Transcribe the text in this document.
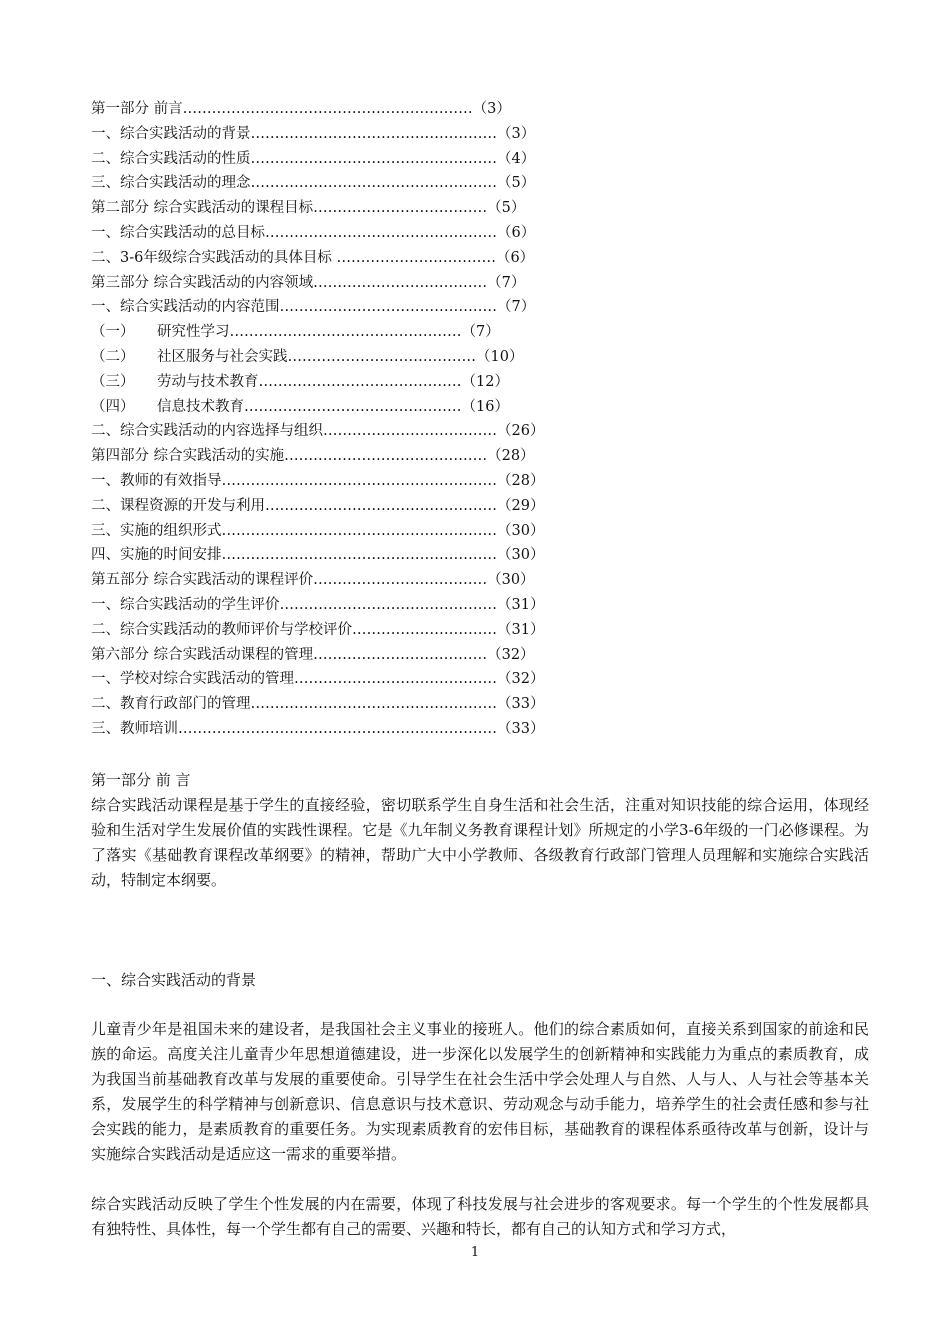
第一部分 前言……………………………………………………（3）
一、综合实践活动的背景……………………………………………（3）
二、综合实践活动的性质……………………………………………（4）
三、综合实践活动的理念……………………………………………（5）
第二部分 综合实践活动的课程目标………………………………（5）
一、综合实践活动的总目标…………………………………………（6）
二、3-6年级综合实践活动的具体目标 ……………………………（6）
第三部分 综合实践活动的内容领域………………………………（7）
一、综合实践活动的内容范围………………………………………（7）
（一） 研究性学习…………………………………………（7）
（二） 社区服务与社会实践…………………………………（10）
（三） 劳动与技术教育……………………………………（12）
（四） 信息技术教育………………………………………（16）
二、综合实践活动的内容选择与组织………………………………（26）
第四部分 综合实践活动的实施……………………………………（28）
一、教师的有效指导…………………………………………………（28）
二、课程资源的开发与利用…………………………………………（29）
三、实施的组织形式…………………………………………………（30）
四、实施的时间安排…………………………………………………（30）
第五部分 综合实践活动的课程评价………………………………（30）
一、综合实践活动的学生评价………………………………………（31）
二、综合实践活动的教师评价与学校评价…………………………（31）
第六部分 综合实践活动课程的管理………………………………（32）
一、学校对综合实践活动的管理……………………………………（32）
二、教育行政部门的管理……………………………………………（33）
三、教师培训…………………………………………………………（33）
第一部分 前 言
综合实践活动课程是基于学生的直接经验，密切联系学生自身生活和社会生活，注重对知识技能的综合运用，体现经验和生活对学生发展价值的实践性课程。它是《九年制义务教育课程计划》所规定的小学3-6年级的一门必修课程。为了落实《基础教育课程改革纲要》的精神，帮助广大中小学教师、各级教育行政部门管理人员理解和实施综合实践活动，特制定本纲要。
一、综合实践活动的背景
儿童青少年是祖国未来的建设者，是我国社会主义事业的接班人。他们的综合素质如何，直接关系到国家的前途和民族的命运。高度关注儿童青少年思想道德建设，进一步深化以发展学生的创新精神和实践能力为重点的素质教育，成为我国当前基础教育改革与发展的重要使命。引导学生在社会生活中学会处理人与自然、人与人、人与社会等基本关系，发展学生的科学精神与创新意识、信息意识与技术意识、劳动观念与动手能力，培养学生的社会责任感和参与社会实践的能力，是素质教育的重要任务。为实现素质教育的宏伟目标，基础教育的课程体系亟待改革与创新，设计与实施综合实践活动是适应这一需求的重要举措。
综合实践活动反映了学生个性发展的内在需要，体现了科技发展与社会进步的客观要求。每一个学生的个性发展都具有独特性、具体性，每一个学生都有自己的需要、兴趣和特长，都有自己的认知方式和学习方式，
1
